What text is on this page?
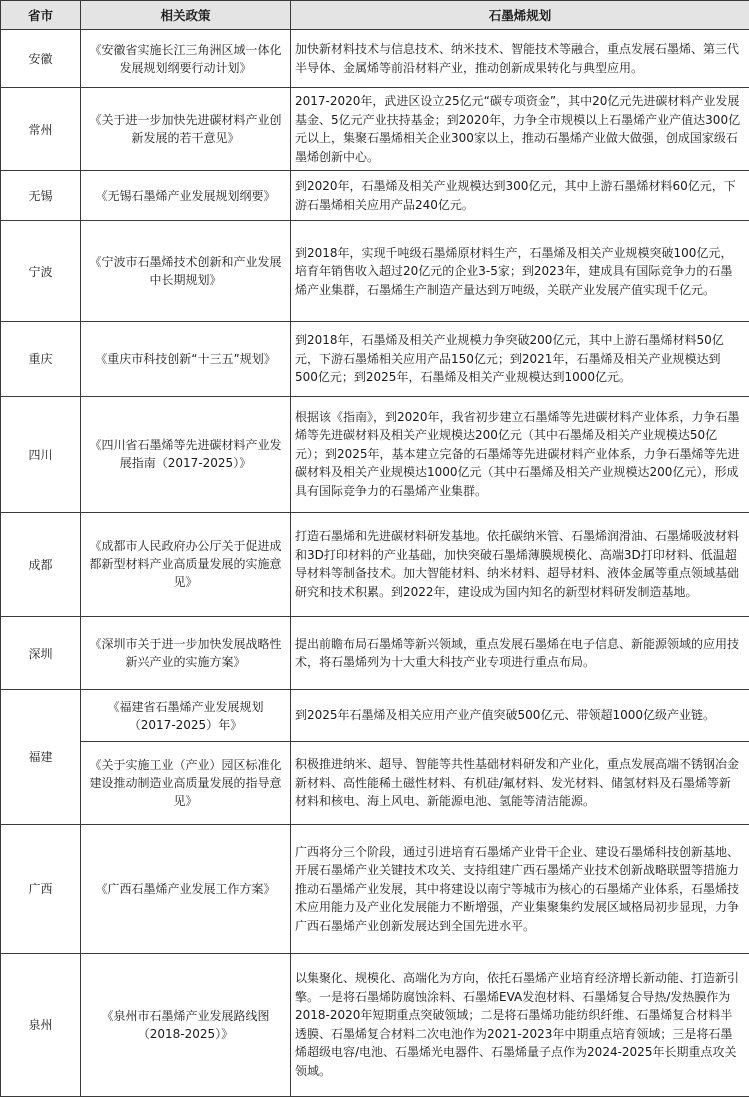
省市	相关政策	石墨烯规划
安徽	《安徽省实施长江三角洲区域一体化发展规划纲要行动计划》	加快新材料技术与信息技术、纳米技术、智能技术等融合，重点发展石墨烯、第三代半导体、金属烯等前沿材料产业，推动创新成果转化与典型应用。
常州	《关于进一步加快先进碳材料产业创新发展的若干意见》	2017-2020年，武进区设立25亿元“碳专项资金”，其中20亿元先进碳材料产业发展基金、5亿元产业扶持基金；到2020年，力争全市规模以上石墨烯产业产值达300亿元以上，集聚石墨烯相关企业300家以上，推动石墨烯产业做大做强，创成国家级石墨烯创新中心。
无锡	《无锡石墨烯产业发展规划纲要》	到2020年，石墨烯及相关产业规模达到300亿元，其中上游石墨烯材料60亿元，下游石墨烯相关应用产品240亿元。
宁波	《宁波市石墨烯技术创新和产业发展中长期规划》	到2018年，实现千吨级石墨烯原材料生产，石墨烯及相关产业规模突破100亿元，培育年销售收入超过20亿元的企业3-5家；到2023年，建成具有国际竞争力的石墨烯产业集群，石墨烯生产制造产量达到万吨级，关联产业发展产值实现千亿元。
重庆	《重庆市科技创新“十三五”规划》	到2018年，石墨烯及相关产业规模力争突破200亿元，其中上游石墨烯材料50亿元，下游石墨烯相关应用产品150亿元；到2021年，石墨烯及相关产业规模达到500亿元；到2025年，石墨烯及相关产业规模达到1000亿元。
四川	《四川省石墨烯等先进碳材料产业发展指南（2017-2025）》	根据该《指南》，到2020年，我省初步建立石墨烯等先进碳材料产业体系，力争石墨烯等先进碳材料及相关产业规模达200亿元（其中石墨烯及相关产业规模达50亿元）；到2025年，基本建立完备的石墨烯等先进碳材料产业体系，力争石墨烯等先进碳材料及相关产业规模达1000亿元（其中石墨烯及相关产业规模达200亿元），形成具有国际竞争力的石墨烯产业集群。
成都	《成都市人民政府办公厅关于促进成都新型材料产业高质量发展的实施意见》	打造石墨烯和先进碳材料研发基地。依托碳纳米管、石墨烯润滑油、石墨烯吸波材料和3D打印材料的产业基础，加快突破石墨烯薄膜规模化、高端3D打印材料、低温超导材料等制备技术。加大智能材料、纳米材料、超导材料、液体金属等重点领域基础研究和技术积累。到2022年，建设成为国内知名的新型材料研发制造基地。
深圳	《深圳市关于进一步加快发展战略性新兴产业的实施方案》	提出前瞻布局石墨烯等新兴领域，重点发展石墨烯在电子信息、新能源领域的应用技术，将石墨烯列为十大重大科技产业专项进行重点布局。
福建	《福建省石墨烯产业发展规划（2017-2025）年》	到2025年石墨烯及相关应用产业产值突破500亿元、带领超1000亿级产业链。
	《关于实施工业（产业）园区标准化建设推动制造业高质量发展的指导意见》	积极推进纳米、超导、智能等共性基础材料研发和产业化，重点发展高端不锈钢冶金新材料、高性能稀土磁性材料、有机硅/氟材料、发光材料、储氢材料及石墨烯等新材料和核电、海上风电、新能源电池、氢能等清洁能源。
广西	《广西石墨烯产业发展工作方案》	广西将分三个阶段，通过引进培育石墨烯产业骨干企业、建设石墨烯科技创新基地、开展石墨烯产业关键技术攻关、支持组建广西石墨烯产业技术创新战略联盟等措施力推动石墨烯产业发展，其中将建设以南宁等城市为核心的石墨烯产业体系，石墨烯技术应用能力及产业化发展能力不断增强，产业集聚集约发展区域格局初步显现，力争广西石墨烯产业创新发展达到全国先进水平。
泉州	《泉州市石墨烯产业发展路线图（2018-2025）》	以集聚化、规模化、高端化为方向，依托石墨烯产业培育经济增长新动能、打造新引擎。一是将石墨烯防腐蚀涂料、石墨烯EVA发泡材料、石墨烯复合导热/发热膜作为2018-2020年短期重点突破领域；二是将石墨烯功能纺织纤维、石墨烯复合材料半透膜、石墨烯复合材料二次电池作为2021-2023年中期重点培育领域；三是将石墨烯超级电容/电池、石墨烯光电器件、石墨烯量子点作为2024-2025年长期重点攻关领域。
